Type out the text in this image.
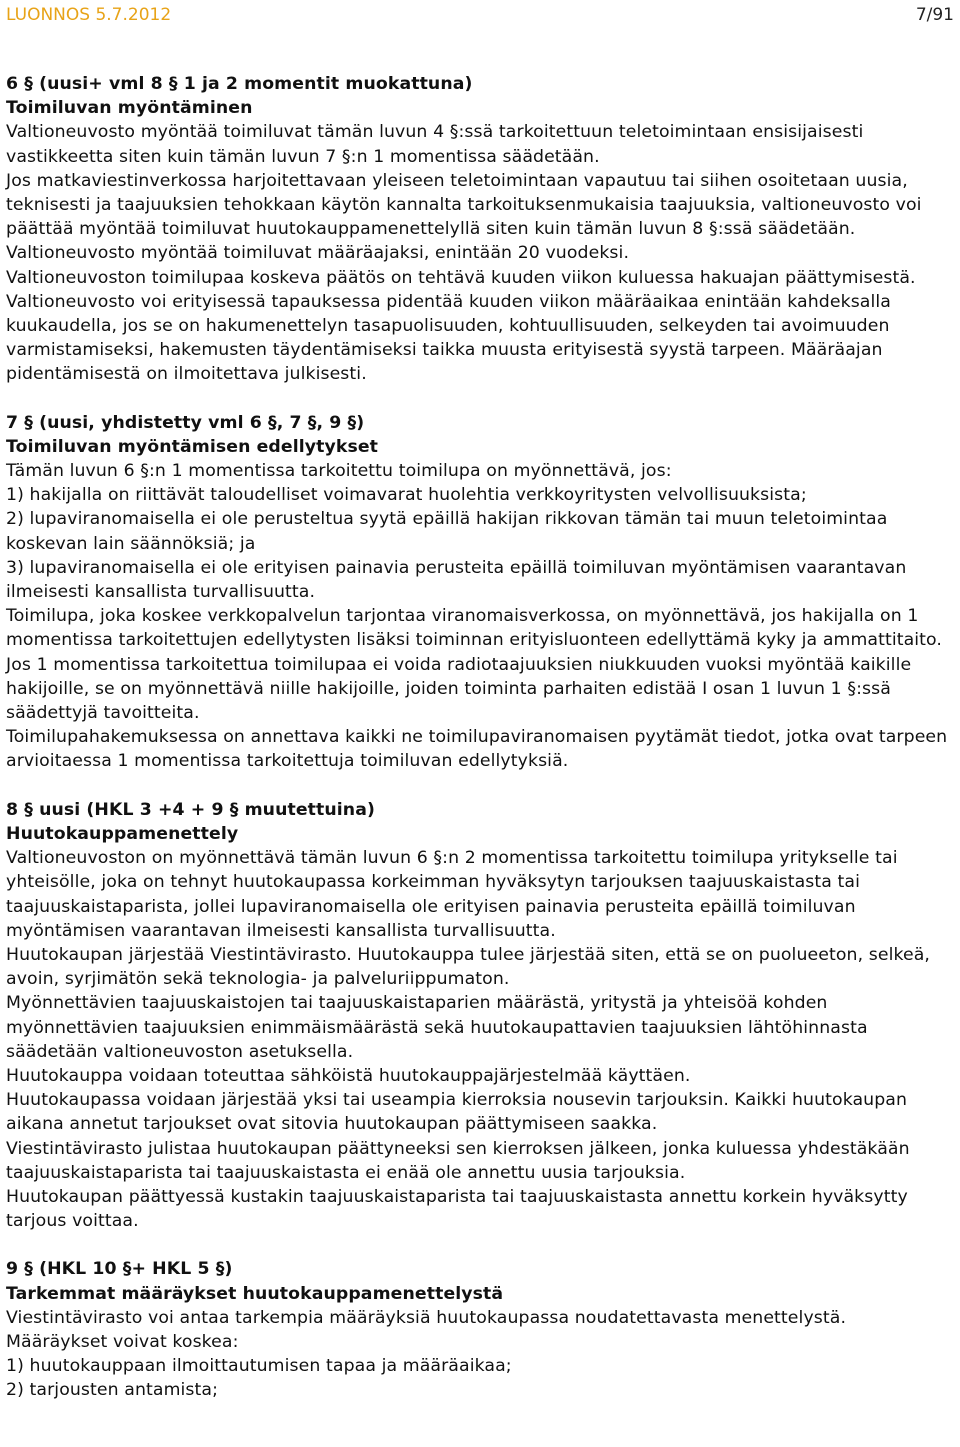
LUONNOS 5.7.2012	7/91

6 § (uusi+ vml 8 § 1 ja 2 momentit muokattuna)

Toimiluvan myöntäminen

Valtioneuvosto myöntää toimiluvat tämän luvun 4 §:ssä tarkoitettuun teletoimintaan ensisijaisesti vastikkeetta siten kuin tämän luvun 7 §:n 1 momentissa säädetään.

Jos matkaviestinverkossa harjoitettavaan yleiseen teletoimintaan vapautuu tai siihen osoitetaan uusia, teknisesti ja taajuuksien tehokkaan käytön kannalta tarkoituksenmukaisia taajuuksia, valtioneuvosto voi päättää myöntää toimiluvat huutokauppamenettelyllä siten kuin tämän luvun 8 §:ssä säädetään.

Valtioneuvosto myöntää toimiluvat määräajaksi, enintään 20 vuodeksi.

Valtioneuvoston toimilupaa koskeva päätös on tehtävä kuuden viikon kuluessa hakuajan päättymisestä. Valtioneuvosto voi erityisessä tapauksessa pidentää kuuden viikon määräaikaa enintään kahdeksalla kuukaudella, jos se on hakumenettelyn tasapuolisuuden, kohtuullisuuden, selkeyden tai avoimuuden varmistamiseksi, hakemusten täydentämiseksi taikka muusta erityisestä syystä tarpeen. Määräajan pidentämisestä on ilmoitettava julkisesti.

7 § (uusi, yhdistetty vml 6 §, 7 §, 9 §)

Toimiluvan myöntämisen edellytykset

Tämän luvun 6 §:n 1 momentissa tarkoitettu toimilupa on myönnettävä, jos:

1) hakijalla on riittävät taloudelliset voimavarat huolehtia verkkoyritysten velvollisuuksista;

2) lupaviranomaisella ei ole perusteltua syytä epäillä hakijan rikkovan tämän tai muun teletoimintaa koskevan lain säännöksiä; ja

3) lupaviranomaisella ei ole erityisen painavia perusteita epäillä toimiluvan myöntämisen vaarantavan ilmeisesti kansallista turvallisuutta.

Toimilupa, joka koskee verkkopalvelun tarjontaa viranomaisverkossa, on myönnettävä, jos hakijalla on 1 momentissa tarkoitettujen edellytysten lisäksi toiminnan erityisluonteen edellyttämä kyky ja ammattitaito.

Jos 1 momentissa tarkoitettua toimilupaa ei voida radiotaajuuksien niukkuuden vuoksi myöntää kaikille hakijoille, se on myönnettävä niille hakijoille, joiden toiminta parhaiten edistää I osan 1 luvun 1 §:ssä säädettyjä tavoitteita.

Toimilupahakemuksessa on annettava kaikki ne toimilupaviranomaisen pyytämät tiedot, jotka ovat tarpeen arvioitaessa 1 momentissa tarkoitettuja toimiluvan edellytyksiä.

8 § uusi (HKL 3 +4 + 9 § muutettuina)

Huutokauppamenettely

Valtioneuvoston on myönnettävä tämän luvun 6 §:n 2 momentissa tarkoitettu toimilupa yritykselle tai yhteisölle, joka on tehnyt huutokaupassa korkeimman hyväksytyn tarjouksen taajuuskaistasta tai taajuuskaistaparista, jollei lupaviranomaisella ole erityisen painavia perusteita epäillä toimiluvan myöntämisen vaarantavan ilmeisesti kansallista turvallisuutta.

Huutokaupan järjestää Viestintävirasto. Huutokauppa tulee järjestää siten, että se on puolueeton, selkeä, avoin, syrjimätön sekä teknologia- ja palveluriippumaton.

Myönnettävien taajuuskaistojen tai taajuuskaistaparien määrästä, yritystä ja yhteisöä kohden myönnettävien taajuuksien enimmäismäärästä sekä huutokaupattavien taajuuksien lähtöhinnasta säädetään valtioneuvoston asetuksella.

Huutokauppa voidaan toteuttaa sähköistä huutokauppajärjestelmää käyttäen.

Huutokaupassa voidaan järjestää yksi tai useampia kierroksia nousevin tarjouksin. Kaikki huutokaupan aikana annetut tarjoukset ovat sitovia huutokaupan päättymiseen saakka.

Viestintävirasto julistaa huutokaupan päättyneeksi sen kierroksen jälkeen, jonka kuluessa yhdestäkään taajuuskaistaparista tai taajuuskaistasta ei enää ole annettu uusia tarjouksia.

Huutokaupan päättyessä kustakin taajuuskaistaparista tai taajuuskaistasta annettu korkein hyväksytty tarjous voittaa.

9 § (HKL 10 §+ HKL 5 §)

Tarkemmat määräykset huutokauppamenettelystä

Viestintävirasto voi antaa tarkempia määräyksiä huutokaupassa noudatettavasta menettelystä.

Määräykset voivat koskea:

1) huutokauppaan ilmoittautumisen tapaa ja määräaikaa;

2) tarjousten antamista;
